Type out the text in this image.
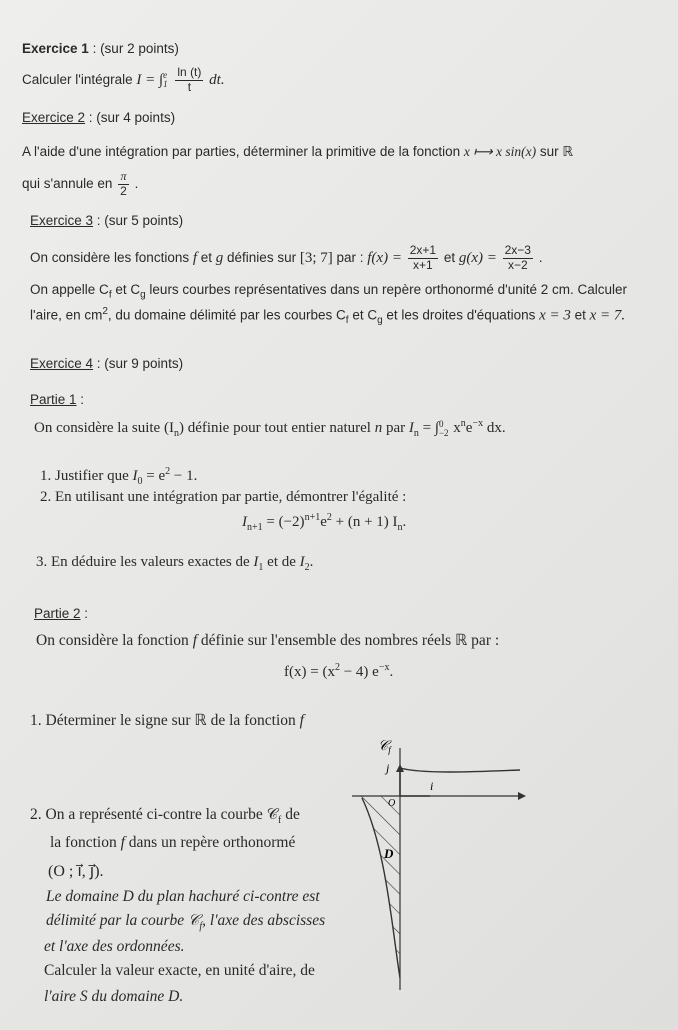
Exercice 1 : (sur 2 points)
Calculer l'intégrale I = ∫ e
1
$\frac{\ln (t)}{t}$ dt.
Exercice 2 : (sur 4 points)
A l'aide d'une intégration par parties, déterminer la primitive de la fonction x ⟼ x sin(x) sur ℝ
qui s'annule en $\frac{\pi}{2}$ .
Exercice 3 : (sur 5 points)
On considère les fonctions f et g définies sur [3; 7] par : $f(x) = \frac{2x+1}{x+1}$ et $g(x) = \frac{2x-3}{x-2}$ .
On appelle $C_f$ et $C_g$ leurs courbes représentatives dans un repère orthonormé d'unité 2 cm. Calculer
l'aire, en $cm^2$, du domaine délimité par les courbes $C_f$ et $C_g$ et les droites d'équations x = 3 et x = 7.
Exercice 4 : (sur 9 points)
Partie 1 :
On considère la suite $(I_n)$ définie pour tout entier naturel n par $I_n$ = ∫ 0
−2 $x^ne^{-x}$ dx.
1. Justifier que $I_0 = e^2 - 1$.
2. En utilisant une intégration par partie, démontrer l'égalité :
$I_{n+1} = (-2)^{n+1}e^2 + (n + 1)$ $I_n$.
3. En déduire les valeurs exactes de $I_1$ et de $I_2$.
Partie 2 :
On considère la fonction f définie sur l'ensemble des nombres réels ℝ par :
$f(x) = (x^2 - 4)$ $e^{-x}$.
1. Déterminer le signe sur ℝ de la fonction f
2. On a représenté ci-contre la courbe 𝒞$_f$ de
la fonction f dans un repère orthonormé
(O ; i⃗, j⃗).
Le domaine D du plan hachuré ci-contre est
délimité par la courbe 𝒞$_f$, l'axe des abscisses
et l'axe des ordonnées.
Calculer la valeur exacte, en unité d'aire, de
l'aire S du domaine D.
𝒞$_f$
j⃗
i⃗
O
D
